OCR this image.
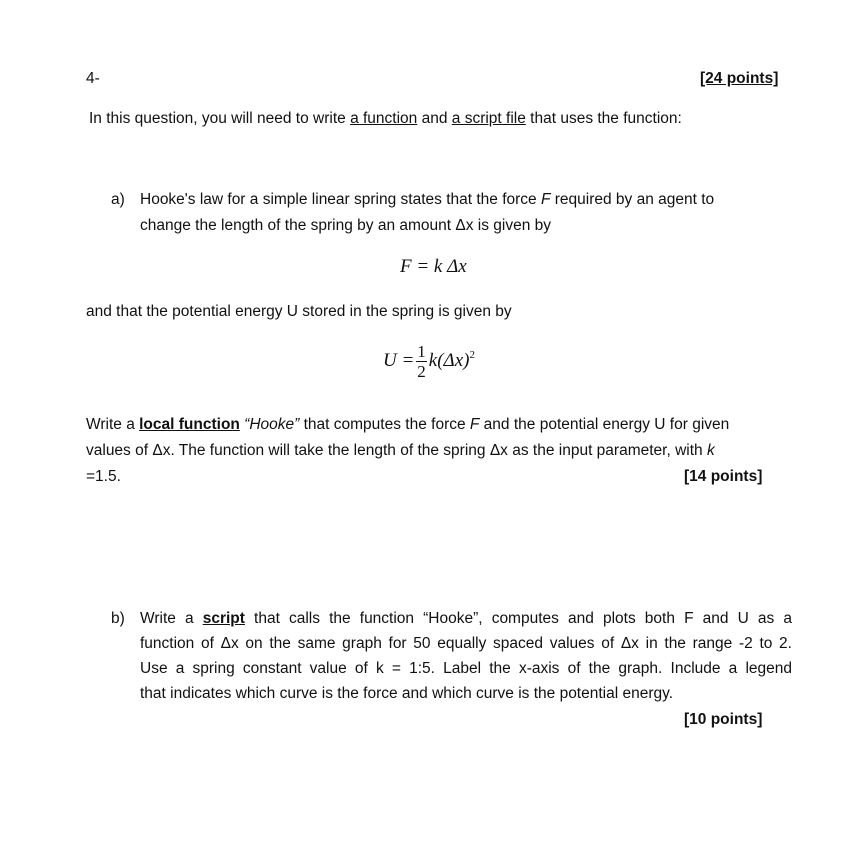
4-	[24 points]
In this question, you will need to write a function and a script file that uses the function:
a) Hooke's law for a simple linear spring states that the force F required by an agent to
change the length of the spring by an amount Δx is given by
F = k Δx
and that the potential energy U stored in the spring is given by
$U = \frac{1}{2} k(\Delta x)^2$
Write a local function “Hooke” that computes the force F and the potential energy U for given
values of Δx. The function will take the length of the spring Δx as the input parameter, with k
=1.5.	[14 points]
b) Write a script that calls the function “Hooke”, computes and plots both F and U as a
function of Δx on the same graph for 50 equally spaced values of Δx in the range -2 to 2.
Use a spring constant value of k = 1:5. Label the x-axis of the graph. Include a legend
that indicates which curve is the force and which curve is the potential energy.
[10 points]
